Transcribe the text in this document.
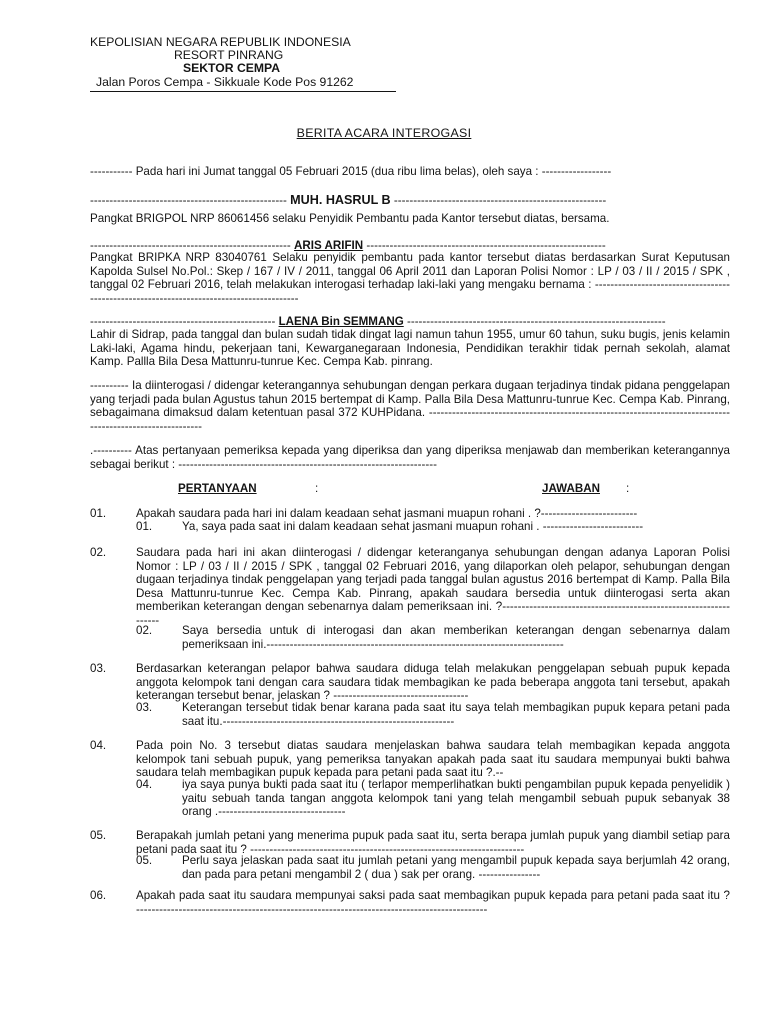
KEPOLISIAN NEGARA REPUBLIK INDONESIA
RESORT PINRANG
SEKTOR CEMPA
Jalan Poros Cempa - Sikkuale Kode Pos 91262
BERITA ACARA INTEROGASI
----------- Pada hari ini Jumat tanggal 05 Februari 2015 (dua ribu lima belas), oleh saya : ------------------
--------------------------------------------------- MUH. HASRUL B -------------------------------------------------------
Pangkat BRIGPOL NRP 86061456 selaku Penyidik Pembantu pada Kantor tersebut diatas, bersama.
---------------------------------------------------- ARIS ARIFIN --------------------------------------------------------------
Pangkat BRIPKA NRP 83040761 Selaku penyidik pembantu pada kantor tersebut diatas berdasarkan Surat Keputusan Kapolda Sulsel No.Pol.: Skep / 167 / IV / 2011, tanggal 06 April 2011 dan Laporan Polisi Nomor : LP / 03 / II / 2015 / SPK , tanggal 02 Februari 2016, telah melakukan interogasi terhadap laki-laki yang mengaku bernama : -----------------------------------------------------------------------------------------
------------------------------------------------ LAENA Bin SEMMANG -------------------------------------------------------------------
Lahir di Sidrap, pada tanggal dan bulan sudah tidak dingat lagi namun tahun 1955, umur 60 tahun, suku bugis, jenis kelamin Laki-laki, Agama hindu, pekerjaan tani, Kewarganegaraan Indonesia, Pendidikan terakhir tidak pernah sekolah, alamat Kamp. Pallla Bila Desa Mattunru-tunrue Kec. Cempa Kab. pinrang.
---------- Ia diinterogasi / didengar keterangannya sehubungan dengan perkara dugaan terjadinya tindak pidana penggelapan yang terjadi pada bulan Agustus tahun 2015 bertempat di Kamp. Palla Bila Desa Mattunru-tunrue Kec. Cempa Kab. Pinrang, sebagaimana dimaksud dalam ketentuan pasal 372 KUHPidana. -----------------------------------------------------------------------------------------------------------
.---------- Atas pertanyaan pemeriksa kepada yang diperiksa dan yang diperiksa menjawab dan memberikan keterangannya sebagai berikut : -------------------------------------------------------------------
PERTANYAAN	:	JAWABAN :
01.	Apakah saudara pada hari ini dalam keadaan sehat jasmani muapun rohani . ?-------------------------
01.	Ya, saya pada saat ini dalam keadaan sehat jasmani muapun rohani . --------------------------
02.	Saudara pada hari ini akan diinterogasi / didengar keteranganya sehubungan dengan adanya Laporan Polisi Nomor : LP / 03 / II / 2015 / SPK , tanggal 02 Februari 2016, yang dilaporkan oleh pelapor, sehubungan dengan dugaan terjadinya tindak penggelapan yang terjadi pada tanggal bulan agustus 2016 bertempat di Kamp. Palla Bila Desa Mattunru-tunrue Kec. Cempa Kab. Pinrang, apakah saudara bersedia untuk diinterogasi serta akan memberikan keterangan dengan sebenarnya dalam pemeriksaan ini. ?-----------------------------------------------------------------
02.	Saya bersedia untuk di interogasi dan akan memberikan keterangan dengan sebenarnya dalam pemeriksaan ini.-----------------------------------------------------------------------------
03.	Berdasarkan keterangan pelapor bahwa saudara diduga telah melakukan penggelapan sebuah pupuk kepada anggota kelompok tani dengan cara saudara tidak membagikan ke pada beberapa anggota tani tersebut, apakah keterangan tersebut benar, jelaskan ? -----------------------------------
03.	Keterangan tersebut tidak benar karana pada saat itu saya telah membagikan pupuk kepara petani pada saat itu.------------------------------------------------------------
04.	Pada poin No. 3 tersebut diatas saudara menjelaskan bahwa saudara telah membagikan kepada anggota kelompok tani sebuah pupuk, yang pemeriksa tanyakan apakah pada saat itu saudara mempunyai bukti bahwa saudara telah membagikan pupuk kepada para petani pada saat itu ?.--
04.	iya saya punya bukti pada saat itu ( terlapor memperlihatkan bukti pengambilan pupuk kepada penyelidik ) yaitu sebuah tanda tangan anggota kelompok tani yang telah mengambil sebuah pupuk sebanyak 38 orang .---------------------------------
05.	Berapakah jumlah petani yang menerima pupuk pada saat itu, serta berapa jumlah pupuk yang diambil setiap para petani pada saat itu ? -----------------------------------------------------------------------
05.	Perlu saya jelaskan pada saat itu jumlah petani yang mengambil pupuk kepada saya berjumlah 42 orang, dan pada para petani mengambil 2 ( dua ) sak per orang. ----------------
06.	Apakah pada saat itu saudara mempunyai saksi pada saat membagikan pupuk kepada para petani pada saat itu ? -------------------------------------------------------------------------------------------
